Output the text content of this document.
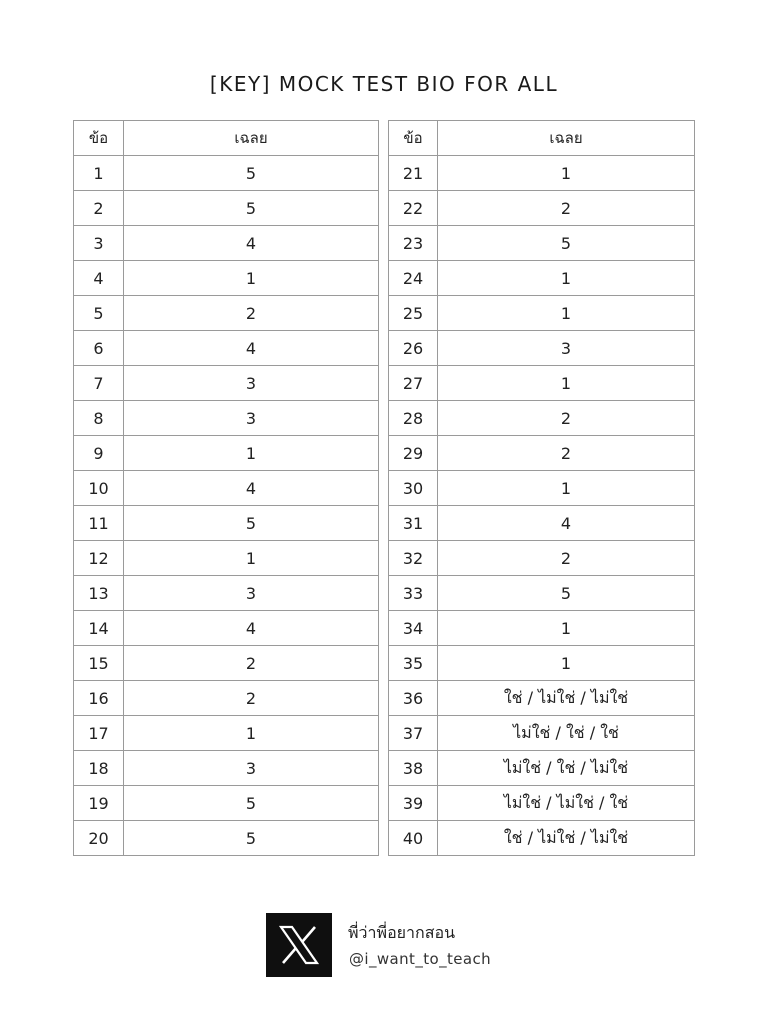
[KEY] MOCK TEST BIO FOR ALL
ข้อ	เฉลย
1	5
2	5
3	4
4	1
5	2
6	4
7	3
8	3
9	1
10	4
11	5
12	1
13	3
14	4
15	2
16	2
17	1
18	3
19	5
20	5
ข้อ	เฉลย
21	1
22	2
23	5
24	1
25	1
26	3
27	1
28	2
29	2
30	1
31	4
32	2
33	5
34	1
35	1
36	ใช่ / ไม่ใช่ / ไม่ใช่
37	ไม่ใช่ / ใช่ / ใช่
38	ไม่ใช่ / ใช่ / ไม่ใช่
39	ไม่ใช่ / ไม่ใช่ / ใช่
40	ใช่ / ไม่ใช่ / ไม่ใช่
พี่ว่าพี่อยากสอน
@i_want_to_teach
